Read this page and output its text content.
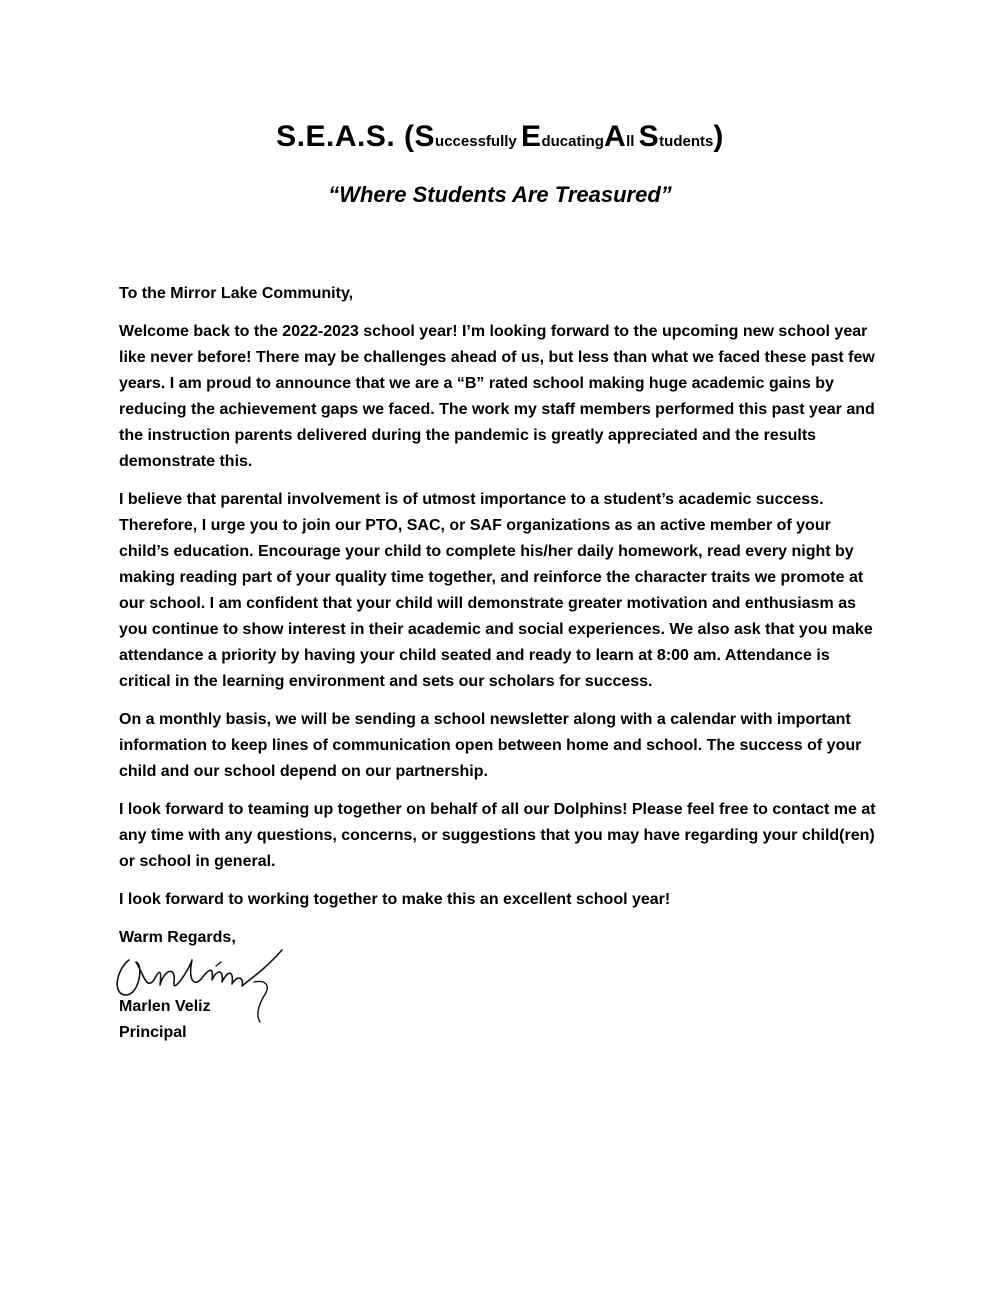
S.E.A.S. (Successfully EducatingAll Students)
“Where Students Are Treasured”

To the Mirror Lake Community,

Welcome back to the 2022-2023 school year! I’m looking forward to the upcoming new school year like never before! There may be challenges ahead of us, but less than what we faced these past few years. I am proud to announce that we are a “B” rated school making huge academic gains by reducing the achievement gaps we faced. The work my staff members performed this past year and the instruction parents delivered during the pandemic is greatly appreciated and the results demonstrate this.

I believe that parental involvement is of utmost importance to a student’s academic success. Therefore, I urge you to join our PTO, SAC, or SAF organizations as an active member of your child’s education. Encourage your child to complete his/her daily homework, read every night by making reading part of your quality time together, and reinforce the character traits we promote at our school. I am confident that your child will demonstrate greater motivation and enthusiasm as you continue to show interest in their academic and social experiences. We also ask that you make attendance a priority by having your child seated and ready to learn at 8:00 am. Attendance is critical in the learning environment and sets our scholars for success.

On a monthly basis, we will be sending a school newsletter along with a calendar with important information to keep lines of communication open between home and school. The success of your child and our school depend on our partnership.

I look forward to teaming up together on behalf of all our Dolphins! Please feel free to contact me at any time with any questions, concerns, or suggestions that you may have regarding your child(ren) or school in general.

I look forward to working together to make this an excellent school year!

Warm Regards,

Marlen Veliz
Principal
